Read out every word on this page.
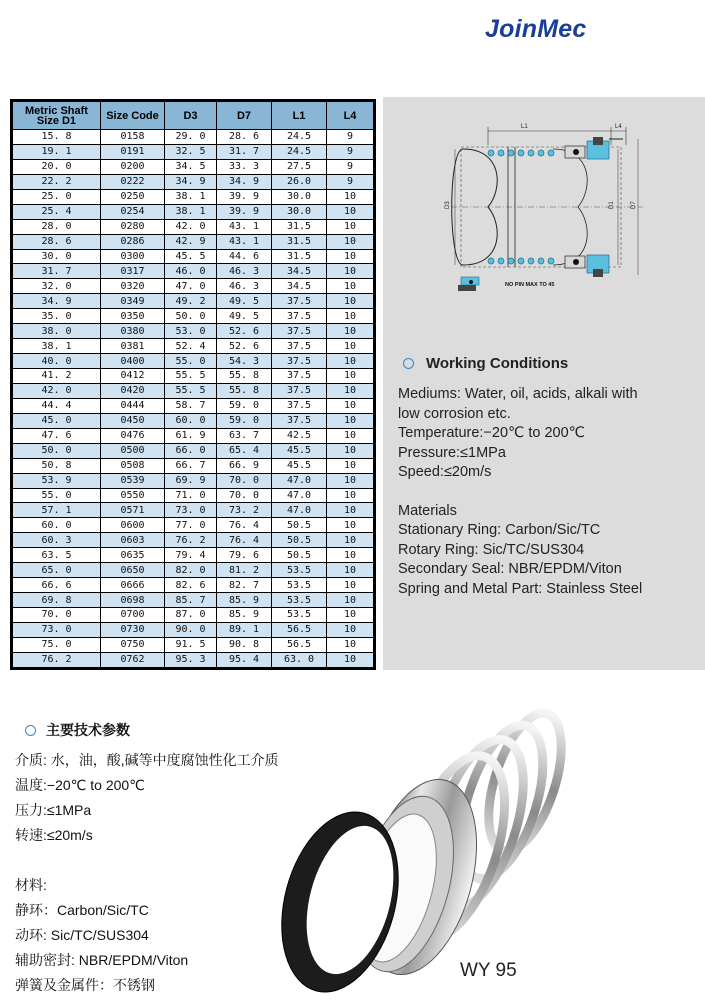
JoinMec
Metric Shaft Size D1	Size Code	D3	D7	L1	L4
15. 8	0158	29. 0	28. 6	24.5	9
19. 1	0191	32. 5	31. 7	24.5	9
20. 0	0200	34. 5	33. 3	27.5	9
22. 2	0222	34. 9	34. 9	26.0	9
25. 0	0250	38. 1	39. 9	30.0	10
25. 4	0254	38. 1	39. 9	30.0	10
28. 0	0280	42. 0	43. 1	31.5	10
28. 6	0286	42. 9	43. 1	31.5	10
30. 0	0300	45. 5	44. 6	31.5	10
31. 7	0317	46. 0	46. 3	34.5	10
32. 0	0320	47. 0	46. 3	34.5	10
34. 9	0349	49. 2	49. 5	37.5	10
35. 0	0350	50. 0	49. 5	37.5	10
38. 0	0380	53. 0	52. 6	37.5	10
38. 1	0381	52. 4	52. 6	37.5	10
40. 0	0400	55. 0	54. 3	37.5	10
41. 2	0412	55. 5	55. 8	37.5	10
42. 0	0420	55. 5	55. 8	37.5	10
44. 4	0444	58. 7	59. 0	37.5	10
45. 0	0450	60. 0	59. 0	37.5	10
47. 6	0476	61. 9	63. 7	42.5	10
50. 0	0500	66. 0	65. 4	45.5	10
50. 8	0508	66. 7	66. 9	45.5	10
53. 9	0539	69. 9	70. 0	47.0	10
55. 0	0550	71. 0	70. 0	47.0	10
57. 1	0571	73. 0	73. 2	47.0	10
60. 0	0600	77. 0	76. 4	50.5	10
60. 3	0603	76. 2	76. 4	50.5	10
63. 5	0635	79. 4	79. 6	50.5	10
65. 0	0650	82. 0	81. 2	53.5	10
66. 6	0666	82. 6	82. 7	53.5	10
69. 8	0698	85. 7	85. 9	53.5	10
70. 0	0700	87. 0	85. 9	53.5	10
73. 0	0730	90. 0	89. 1	56.5	10
75. 0	0750	91. 5	90. 8	56.5	10
76. 2	0762	95. 3	95. 4	63. 0	10
L1	L4
D3	D1	D7
NO PIN MAX TO 45
Working Conditions
Mediums: Water, oil, acids, alkali with
low corrosion etc.
Temperature:−20℃ to 200℃
Pressure:≤1MPa
Speed:≤20m/s
Materials
Stationary Ring: Carbon/Sic/TC
Rotary Ring: Sic/TC/SUS304
Secondary Seal: NBR/EPDM/Viton
Spring and Metal Part: Stainless Steel
主要技术参数
介质: 水，油，酸,碱等中度腐蚀性化工介质
温度:−20℃ to 200℃
压力:≤1MPa
转速:≤20m/s
材料:
静环：Carbon/Sic/TC
动环: Sic/TC/SUS304
辅助密封: NBR/EPDM/Viton
弹簧及金属件：不锈钢
WY 95
